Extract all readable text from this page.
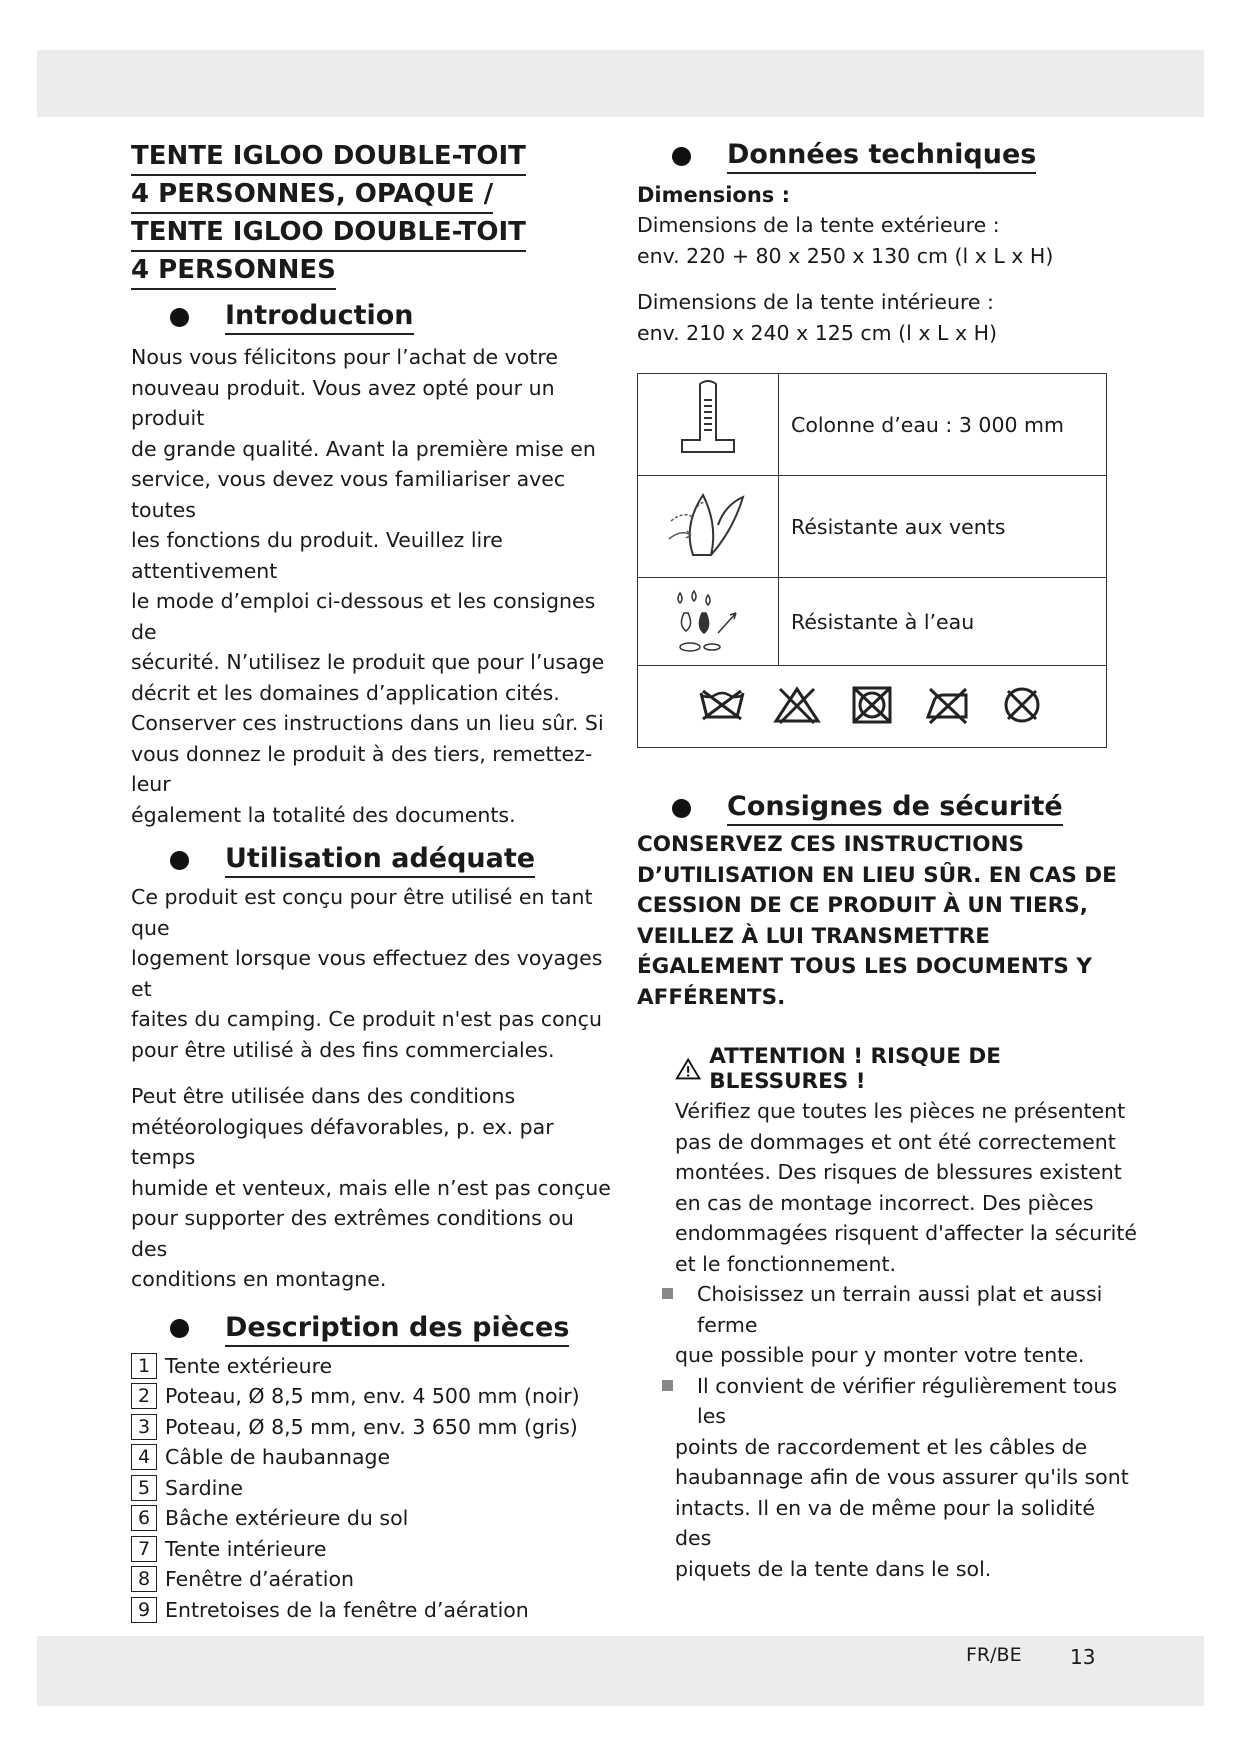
TENTE IGLOO DOUBLE-TOIT
4 PERSONNES, OPAQUE /
TENTE IGLOO DOUBLE-TOIT
4 PERSONNES
Introduction

Nous vous félicitons pour l’achat de votre

nouveau produit. Vous avez opté pour un produit

de grande qualité. Avant la première mise en

service, vous devez vous familiariser avec toutes

les fonctions du produit. Veuillez lire attentivement

le mode d’emploi ci-dessous et les consignes de

sécurité. N’utilisez le produit que pour l’usage

décrit et les domaines d’application cités.

Conserver ces instructions dans un lieu sûr. Si

vous donnez le produit à des tiers, remettez-leur

également la totalité des documents.

Utilisation adéquate

Ce produit est conçu pour être utilisé en tant que

logement lorsque vous effectuez des voyages et

faites du camping. Ce produit n'est pas conçu

pour être utilisé à des fins commerciales.

Peut être utilisée dans des conditions

météorologiques défavorables, p. ex. par temps

humide et venteux, mais elle n’est pas conçue

pour supporter des extrêmes conditions ou des

conditions en montagne.

Description des pièces
1 Tente extérieure
2 Poteau, Ø 8,5 mm, env. 4 500 mm (noir)
3 Poteau, Ø 8,5 mm, env. 3 650 mm (gris)
4 Câble de haubannage
5 Sardine
6 Bâche extérieure du sol
7 Tente intérieure
8 Fenêtre d’aération
9 Entretoises de la fenêtre d’aération
Données techniques

Dimensions :

Dimensions de la tente extérieure :

env. 220 + 80 x 250 x 130 cm (l x L x H)

Dimensions de la tente intérieure :

env. 210 x 240 x 125 cm (l x L x H)

	Colonne d’eau : 3 000 mm
	Résistante aux vents
	Résistante à l’eau

Consignes de sécurité

CONSERVEZ CES INSTRUCTIONS

D’UTILISATION EN LIEU SÛR. EN CAS DE

CESSION DE CE PRODUIT À UN TIERS,

VEILLEZ À LUI TRANSMETTRE

ÉGALEMENT TOUS LES DOCUMENTS Y

AFFÉRENTS.

ATTENTION ! RISQUE DE BLESSURES !

Vérifiez que toutes les pièces ne présentent

pas de dommages et ont été correctement

montées. Des risques de blessures existent

en cas de montage incorrect. Des pièces

endommagées risquent d'affecter la sécurité

et le fonctionnement.

Choisissez un terrain aussi plat et aussi ferme

que possible pour y monter votre tente.

Il convient de vérifier régulièrement tous les

points de raccordement et les câbles de

haubannage afin de vous assurer qu'ils sont

intacts. Il en va de même pour la solidité des

piquets de la tente dans le sol.

FR/BE 13
